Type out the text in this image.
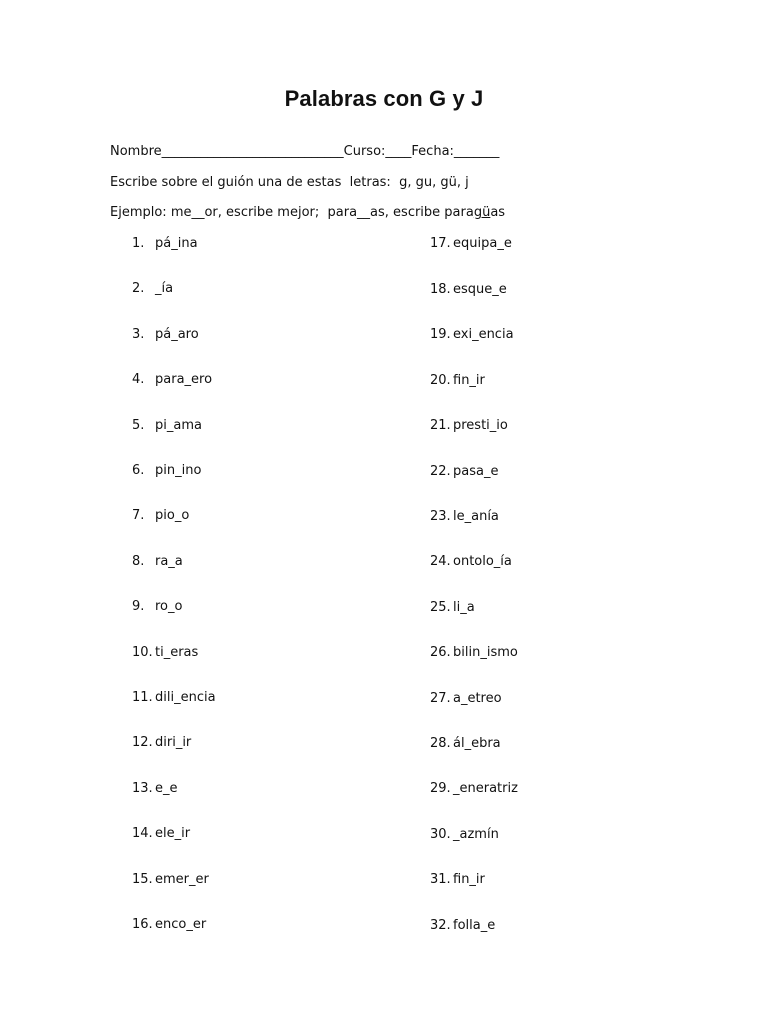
Palabras con G y J
Nombre____________________________Curso:____Fecha:_______
Escribe sobre el guión una de estas  letras:  g, gu, gü, j
Ejemplo: me__or, escribe mejor;  para__as, escribe paragüas
1. pá_ina
2. _ía
3. pá_aro
4. para_ero
5. pi_ama
6. pin_ino
7. pio_o
8. ra_a
9. ro_o
10. ti_eras
11. dili_encia
12. diri_ir
13. e_e
14. ele_ir
15. emer_er
16. enco_er
17. equipa_e
18. esque_e
19. exi_encia
20. fin_ir
21. presti_io
22. pasa_e
23. le_anía
24. ontolo_ía
25. li_a
26. bilin_ismo
27. a_etreo
28. ál_ebra
29. _eneratriz
30. _azmín
31. fin_ir
32. folla_e
